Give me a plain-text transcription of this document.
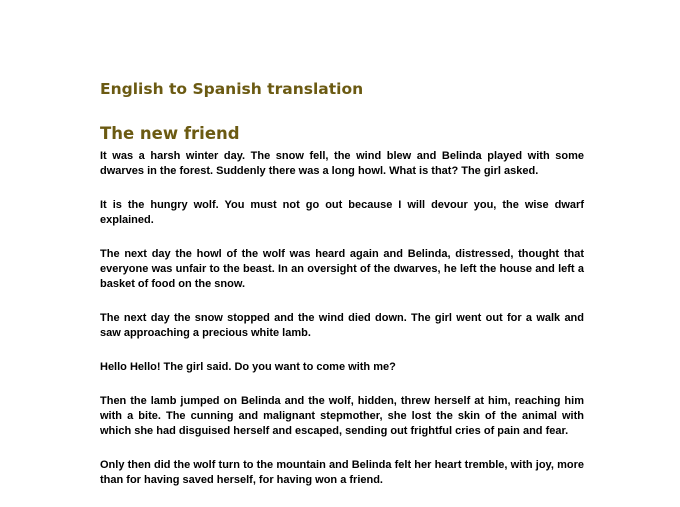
English to Spanish translation
The new friend

It was a harsh winter day. The snow fell, the wind blew and Belinda played with some dwarves in the forest. Suddenly there was a long howl. What is that? The girl asked.

It is the hungry wolf. You must not go out because I will devour you, the wise dwarf explained.

The next day the howl of the wolf was heard again and Belinda, distressed, thought that everyone was unfair to the beast. In an oversight of the dwarves, he left the house and left a basket of food on the snow.

The next day the snow stopped and the wind died down. The girl went out for a walk and saw approaching a precious white lamb.

Hello Hello! The girl said. Do you want to come with me?

Then the lamb jumped on Belinda and the wolf, hidden, threw herself at him, reaching him with a bite. The cunning and malignant stepmother, she lost the skin of the animal with which she had disguised herself and escaped, sending out frightful cries of pain and fear.

Only then did the wolf turn to the mountain and Belinda felt her heart tremble, with joy, more than for having saved herself, for having won a friend.
